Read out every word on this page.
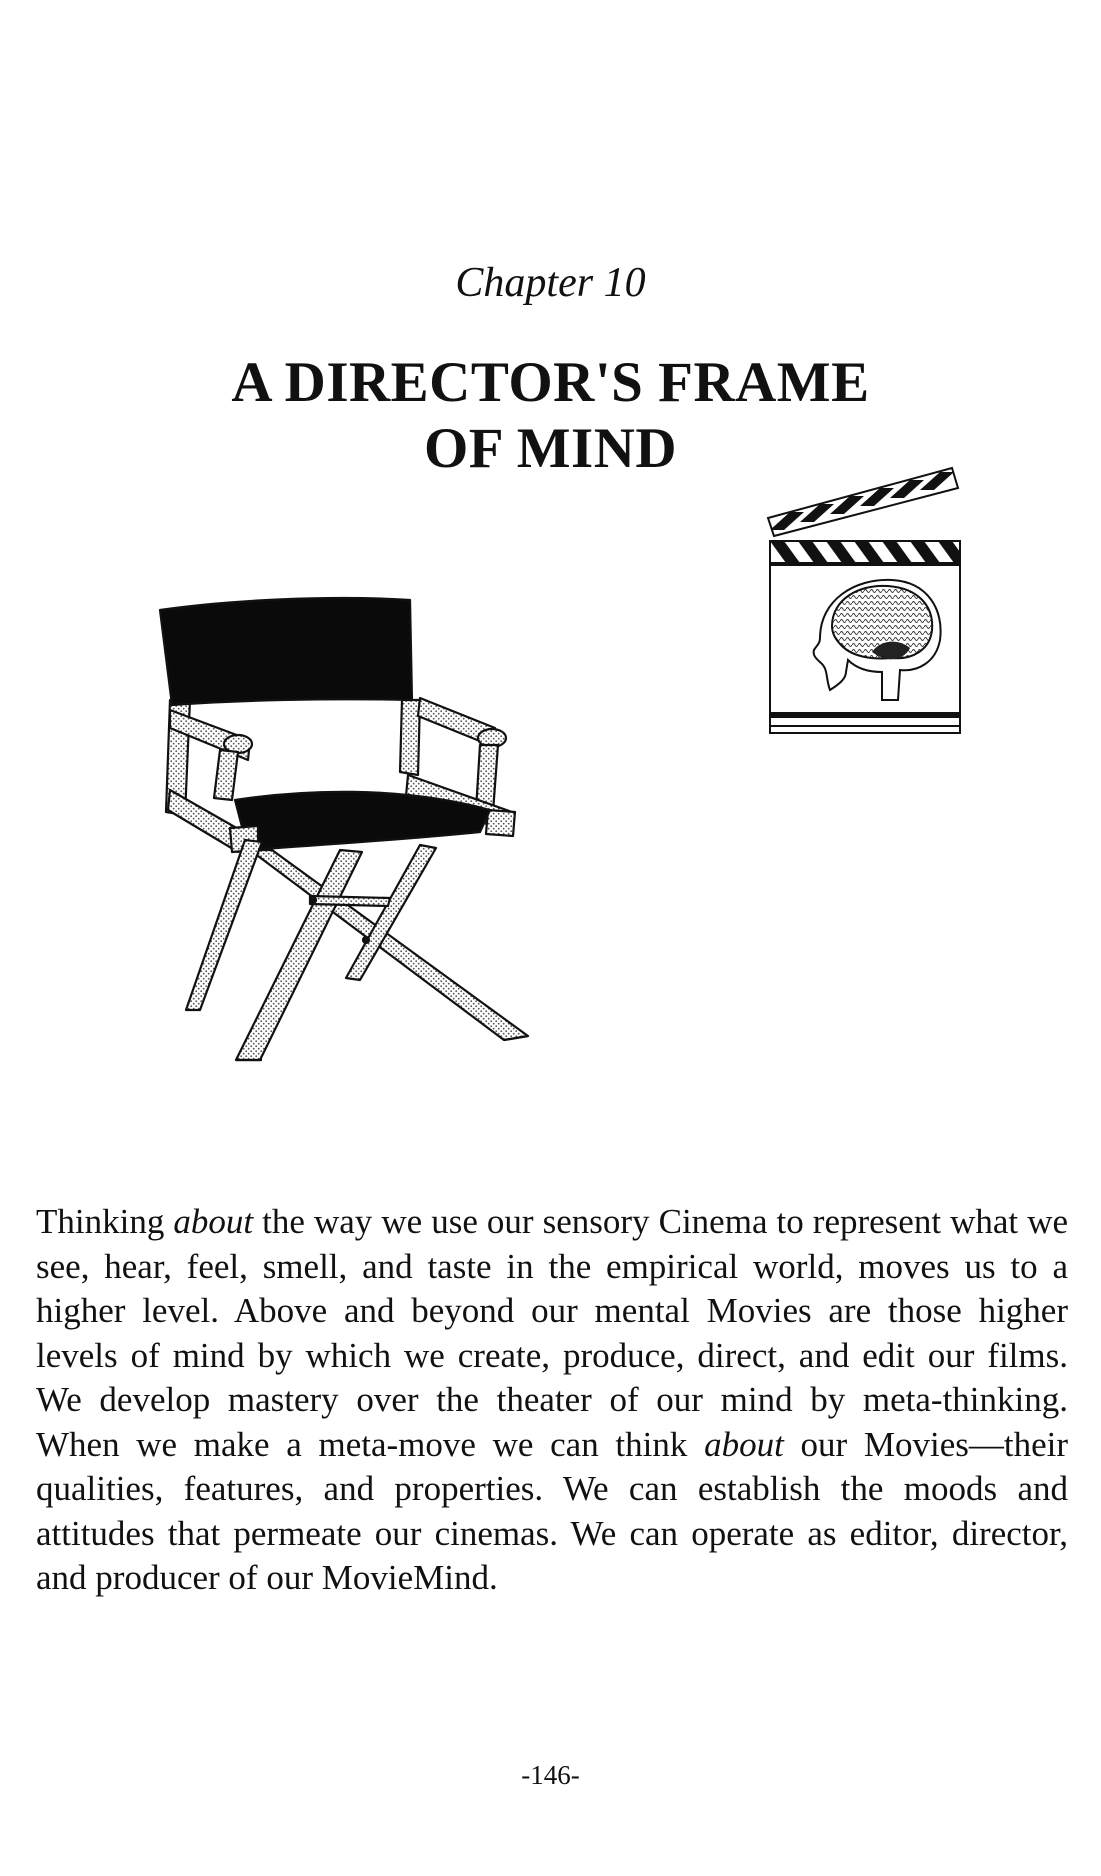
Chapter 10
A DIRECTOR'S FRAME
OF MIND
Thinking about the way we use our sensory Cinema to represent what we see, hear, feel, smell, and taste in the empirical world, moves us to a higher level. Above and beyond our mental Movies are those higher levels of mind by which we create, produce, direct, and edit our films. We develop mastery over the theater of our mind by meta-thinking. When we make a meta-move we can think about our Movies—their qualities, features, and properties. We can establish the moods and attitudes that permeate our cinemas. We can operate as editor, director, and producer of our MovieMind.
-146-
